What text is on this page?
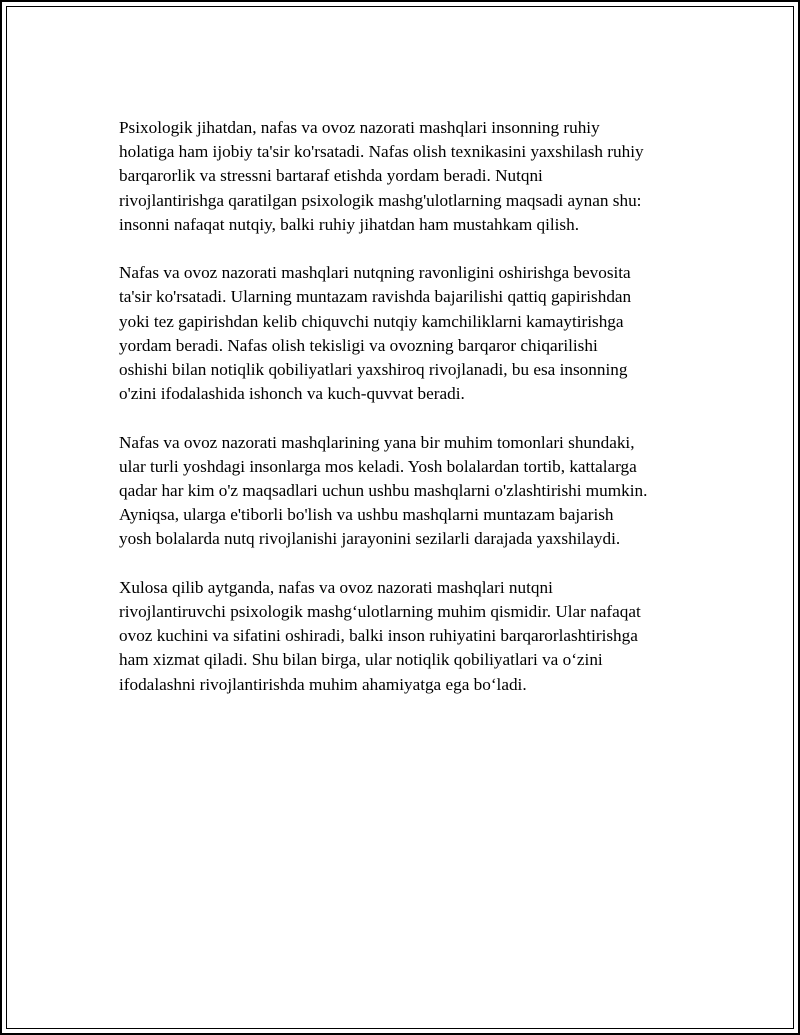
Psixologik jihatdan, nafas va ovoz nazorati mashqlari insonning ruhiy
holatiga ham ijobiy ta'sir ko'rsatadi. Nafas olish texnikasini yaxshilash ruhiy
barqarorlik va stressni bartaraf etishda yordam beradi. Nutqni
rivojlantirishga qaratilgan psixologik mashg'ulotlarning maqsadi aynan shu:
insonni nafaqat nutqiy, balki ruhiy jihatdan ham mustahkam qilish.

Nafas va ovoz nazorati mashqlari nutqning ravonligini oshirishga bevosita
ta'sir ko'rsatadi. Ularning muntazam ravishda bajarilishi qattiq gapirishdan
yoki tez gapirishdan kelib chiquvchi nutqiy kamchiliklarni kamaytirishga
yordam beradi. Nafas olish tekisligi va ovozning barqaror chiqarilishi
oshishi bilan notiqlik qobiliyatlari yaxshiroq rivojlanadi, bu esa insonning
o'zini ifodalashida ishonch va kuch-quvvat beradi.

Nafas va ovoz nazorati mashqlarining yana bir muhim tomonlari shundaki,
ular turli yoshdagi insonlarga mos keladi. Yosh bolalardan tortib, kattalarga
qadar har kim o'z maqsadlari uchun ushbu mashqlarni o'zlashtirishi mumkin.
Ayniqsa, ularga e'tiborli bo'lish va ushbu mashqlarni muntazam bajarish
yosh bolalarda nutq rivojlanishi jarayonini sezilarli darajada yaxshilaydi.

Xulosa qilib aytganda, nafas va ovoz nazorati mashqlari nutqni
rivojlantiruvchi psixologik mashg‘ulotlarning muhim qismidir. Ular nafaqat
ovoz kuchini va sifatini oshiradi, balki inson ruhiyatini barqarorlashtirishga
ham xizmat qiladi. Shu bilan birga, ular notiqlik qobiliyatlari va o‘zini
ifodalashni rivojlantirishda muhim ahamiyatga ega bo‘ladi.
